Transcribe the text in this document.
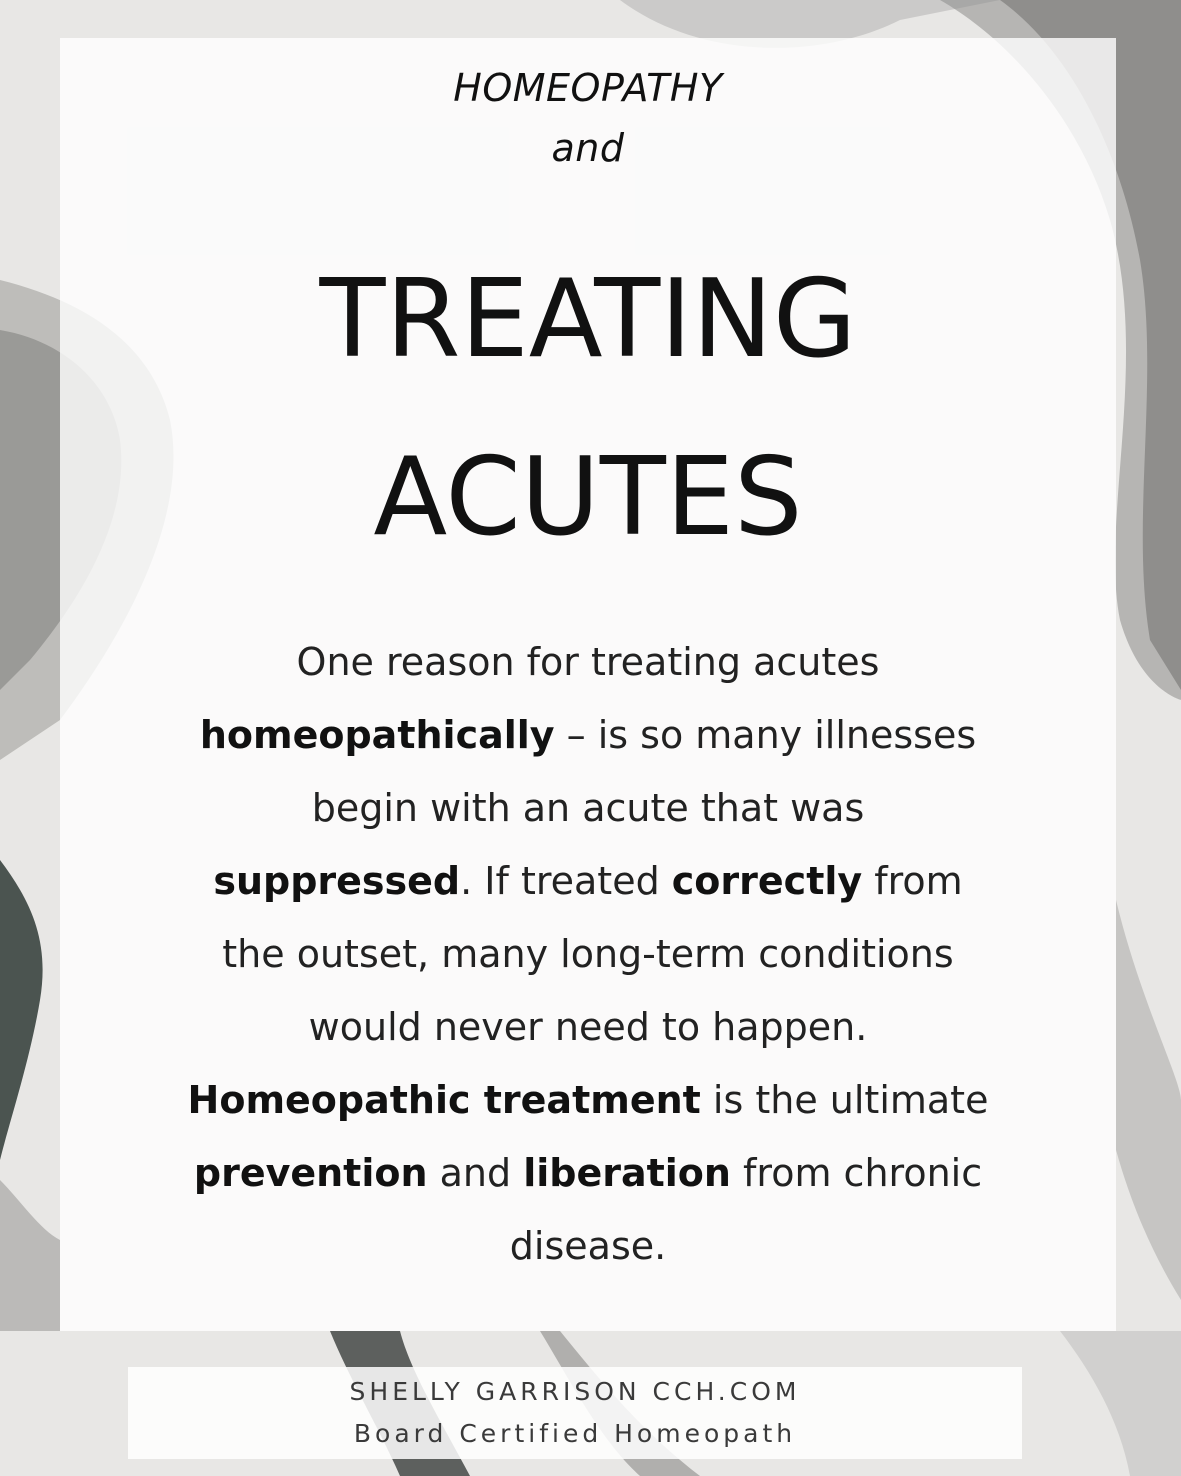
HOMEOPATHY
and
TREATING
ACUTES
One reason for treating acutes
homeopathically – is so many illnesses
begin with an acute that was
suppressed. If treated correctly from
the outset, many long-term conditions
would never need to happen.
Homeopathic treatment is the ultimate
prevention and liberation from chronic
disease.
SHELLY GARRISON CCH.COM
Board Certified Homeopath
